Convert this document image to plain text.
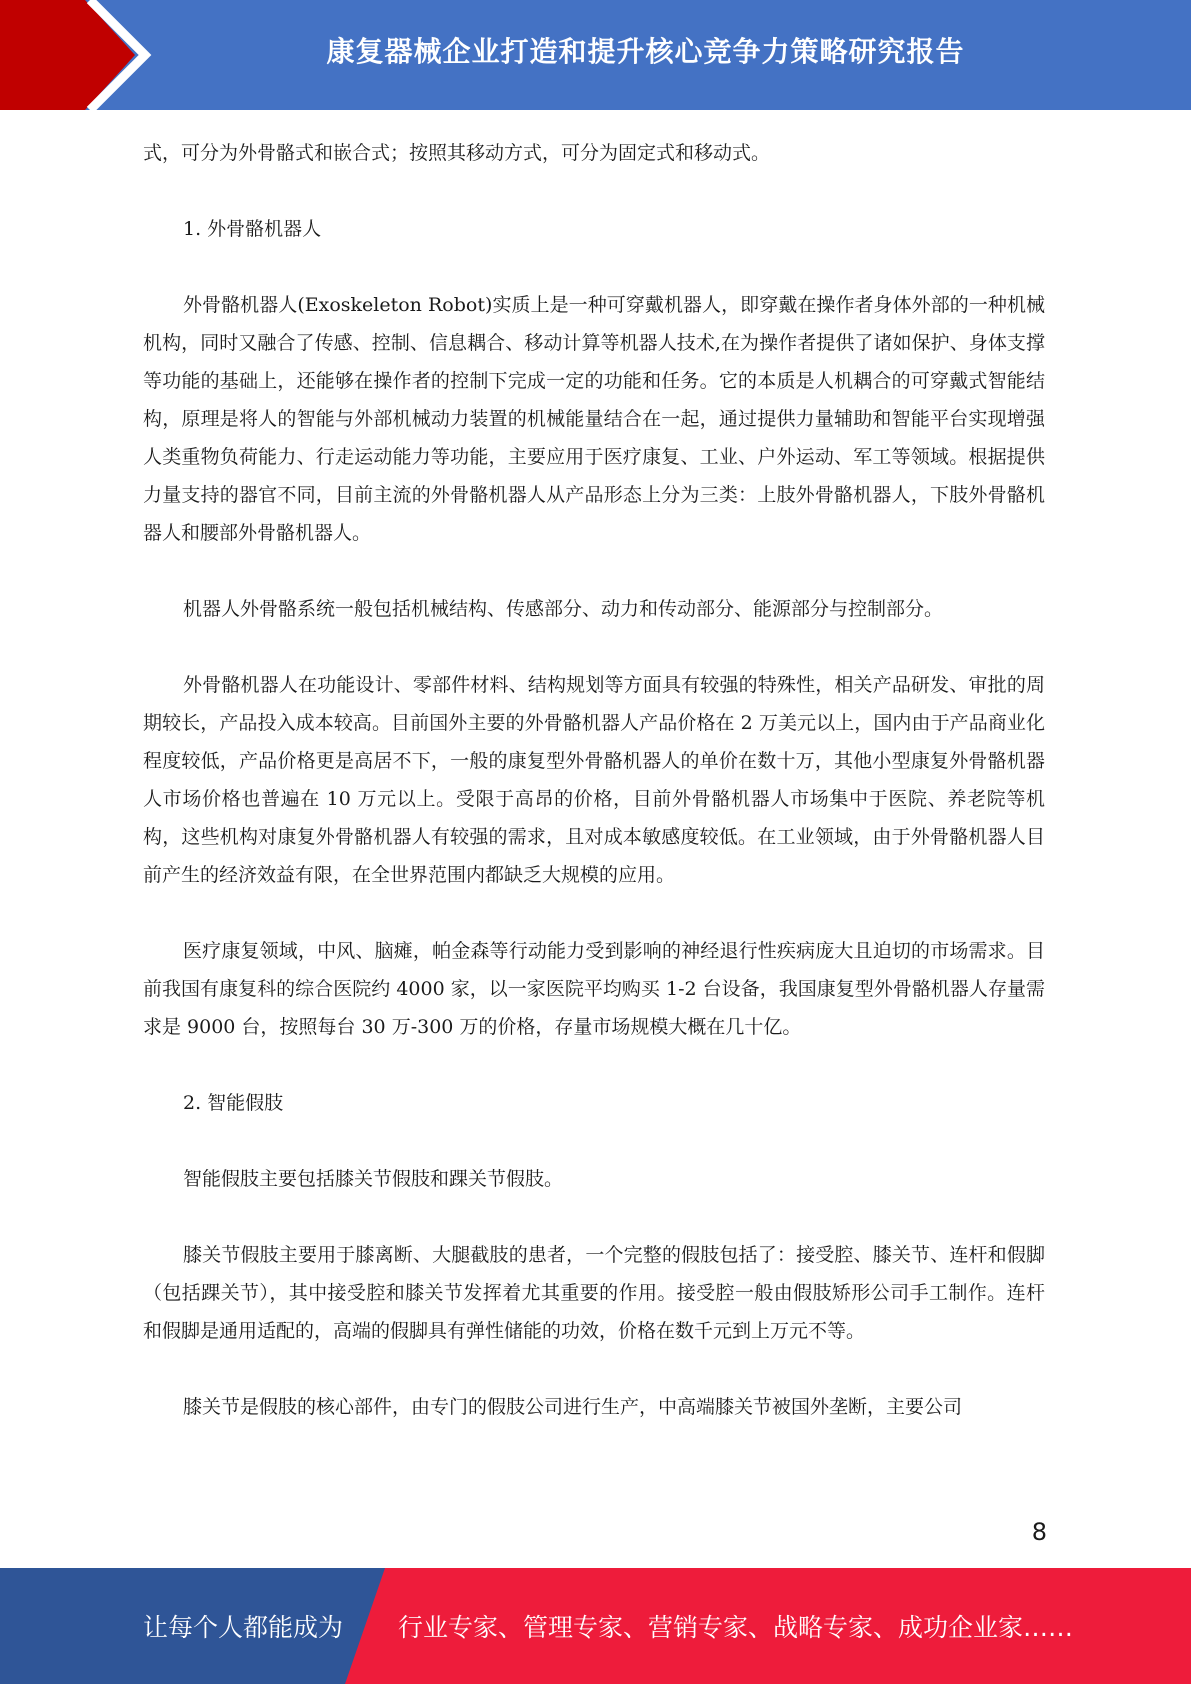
康复器械企业打造和提升核心竞争力策略研究报告

式，可分为外骨骼式和嵌合式；按照其移动方式，可分为固定式和移动式。

1. 外骨骼机器人

外骨骼机器人(Exoskeleton Robot)实质上是一种可穿戴机器人，即穿戴在操作者身体外部的一种机械机构，同时又融合了传感、控制、信息耦合、移动计算等机器人技术,在为操作者提供了诸如保护、身体支撑等功能的基础上，还能够在操作者的控制下完成一定的功能和任务。它的本质是人机耦合的可穿戴式智能结构，原理是将人的智能与外部机械动力装置的机械能量结合在一起，通过提供力量辅助和智能平台实现增强人类重物负荷能力、行走运动能力等功能，主要应用于医疗康复、工业、户外运动、军工等领域。根据提供力量支持的器官不同，目前主流的外骨骼机器人从产品形态上分为三类：上肢外骨骼机器人，下肢外骨骼机器人和腰部外骨骼机器人。

机器人外骨骼系统一般包括机械结构、传感部分、动力和传动部分、能源部分与控制部分。

外骨骼机器人在功能设计、零部件材料、结构规划等方面具有较强的特殊性，相关产品研发、审批的周期较长，产品投入成本较高。目前国外主要的外骨骼机器人产品价格在 2 万美元以上，国内由于产品商业化程度较低，产品价格更是高居不下，一般的康复型外骨骼机器人的单价在数十万，其他小型康复外骨骼机器人市场价格也普遍在 10 万元以上。受限于高昂的价格，目前外骨骼机器人市场集中于医院、养老院等机构，这些机构对康复外骨骼机器人有较强的需求，且对成本敏感度较低。在工业领域，由于外骨骼机器人目前产生的经济效益有限，在全世界范围内都缺乏大规模的应用。

医疗康复领域，中风、脑瘫，帕金森等行动能力受到影响的神经退行性疾病庞大且迫切的市场需求。目前我国有康复科的综合医院约 4000 家，以一家医院平均购买 1-2 台设备，我国康复型外骨骼机器人存量需求是 9000 台，按照每台 30 万-300 万的价格，存量市场规模大概在几十亿。

2. 智能假肢

智能假肢主要包括膝关节假肢和踝关节假肢。

膝关节假肢主要用于膝离断、大腿截肢的患者，一个完整的假肢包括了：接受腔、膝关节、连杆和假脚（包括踝关节），其中接受腔和膝关节发挥着尤其重要的作用。接受腔一般由假肢矫形公司手工制作。连杆和假脚是通用适配的，高端的假脚具有弹性储能的功效，价格在数千元到上万元不等。

膝关节是假肢的核心部件，由专门的假肢公司进行生产，中高端膝关节被国外垄断，主要公司

8
让每个人都能成为 行业专家、管理专家、营销专家、战略专家、成功企业家……
